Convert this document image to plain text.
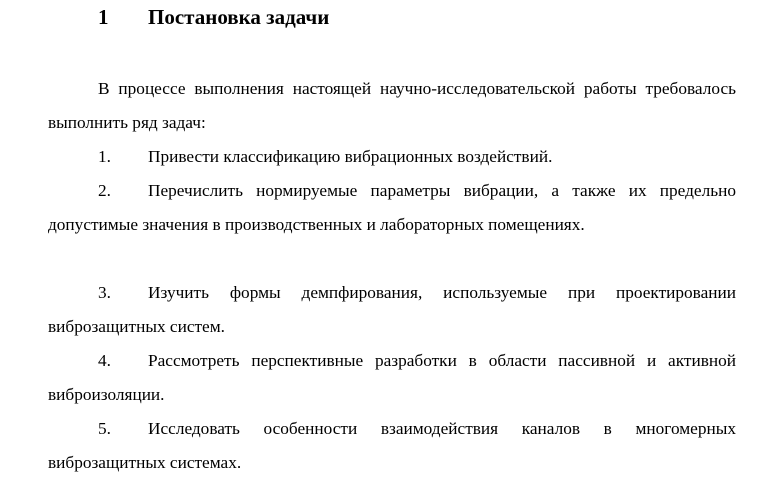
1 Постановка задачи

В процессе выполнения настоящей научно-исследовательской работы требовалось выполнить ряд задач:

1. Привести классификацию вибрационных воздействий.

2. Перечислить нормируемые параметры вибрации, а также их предельно допустимые значения в производственных и лабораторных помещениях.

3. Изучить формы демпфирования, используемые при проектировании виброзащитных систем.

4. Рассмотреть перспективные разработки в области пассивной и активной виброизоляции.

5. Исследовать особенности взаимодействия каналов в многомерных виброзащитных системах.
